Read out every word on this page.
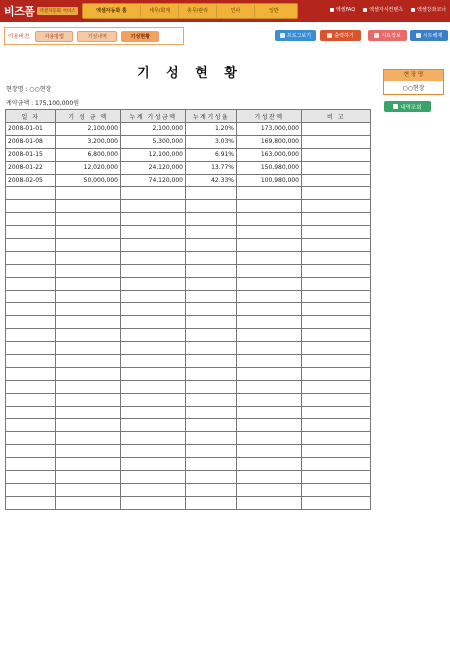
비즈폼	엑셀자동화 서비스	엑셀자동화 홈	세무/회계	총무/관리	인사	일반	엑셀FAQ	엑셀자식컨텐츠	엑셀강좌코너
이용버전	사용방법	기성내역	기성현황	프로그보기	출력하기	시트정보	시트해제
기 성 현 황
현장명 : ○○현장
계약금액 : 175,100,000원
현 장 명
○○현장
내역조회
일 자	기 성 금 액	누계 기성금액	누계기성율	기성잔액	비 고
2008-01-01	2,100,000	2,100,000	1.20%	173,000,000	
2008-01-08	3,200,000	5,300,000	3.03%	169,800,000	
2008-01-15	6,800,000	12,100,000	6.91%	163,000,000	
2008-01-22	12,020,000	24,120,000	13.77%	150,980,000	
2008-02-05	50,000,000	74,120,000	42.33%	100,980,000	
